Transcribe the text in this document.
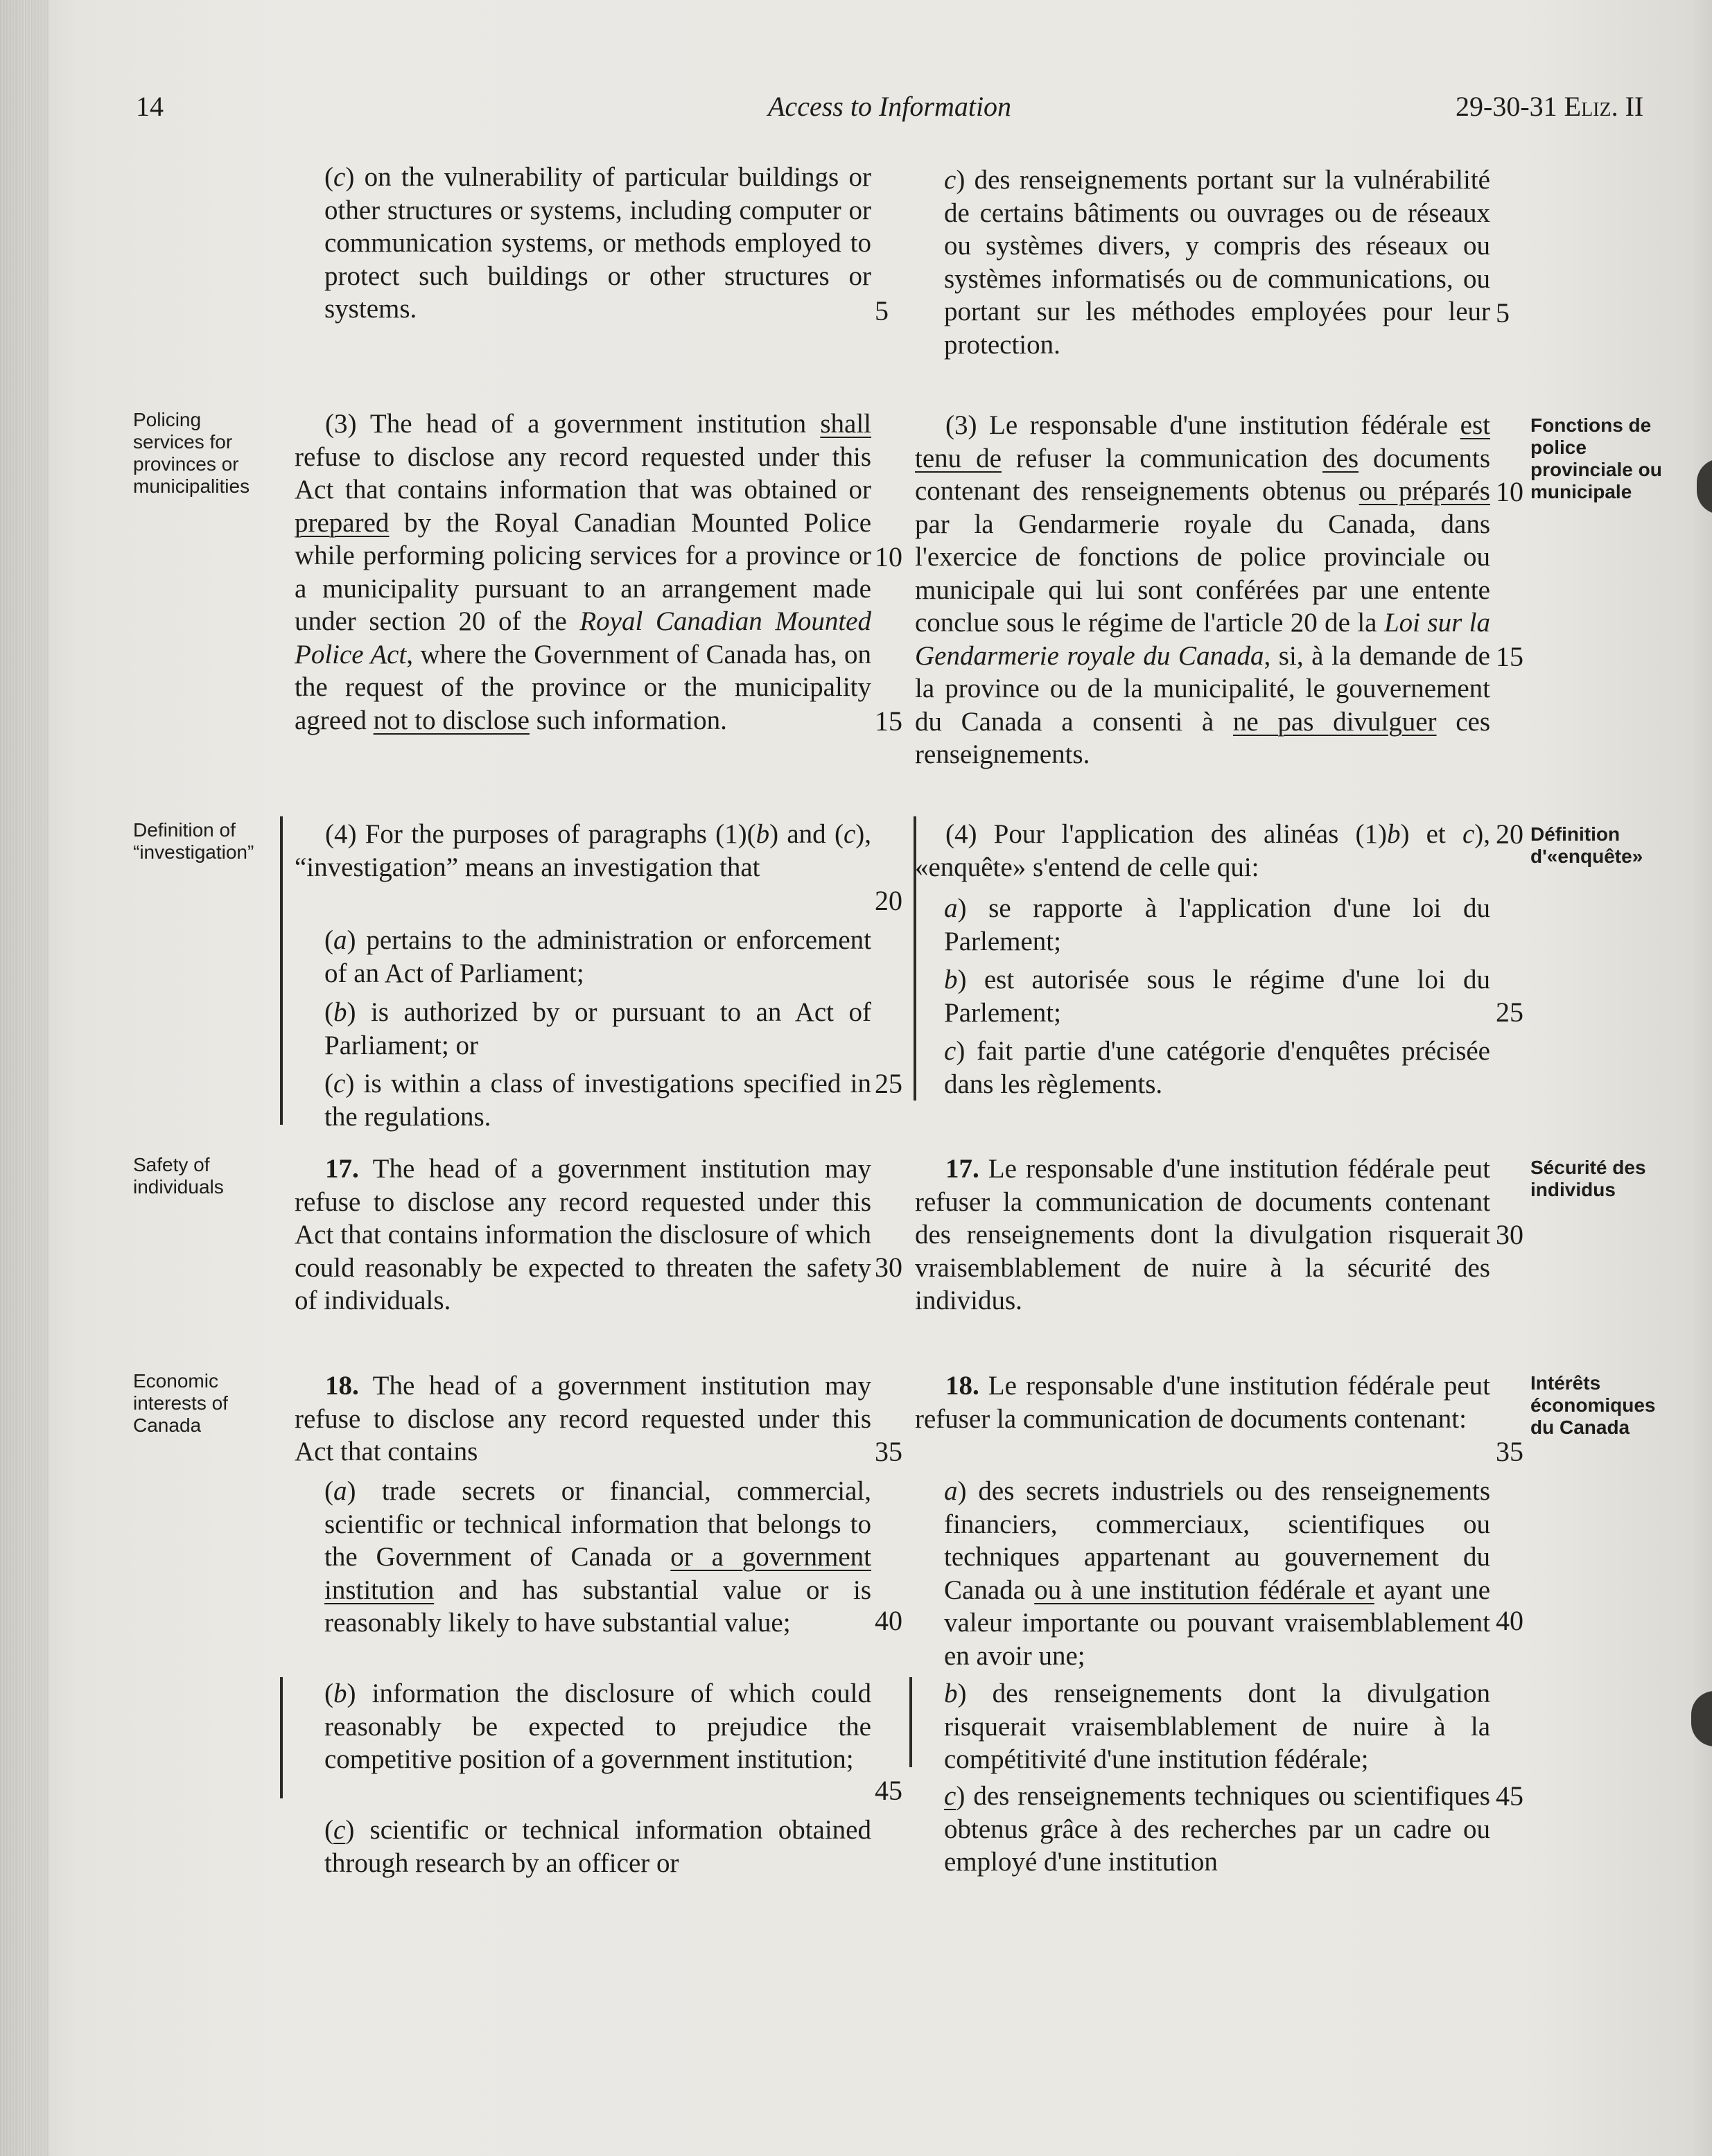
14	Access to Information	29-30-31 Eliz. II

(c) on the vulnerability of particular buildings or other structures or systems, including computer or communication systems, or methods employed to protect such buildings or other structures or systems.	5

c) des renseignements portant sur la vulnérabilité de certains bâtiments ou ouvrages ou de réseaux ou systèmes divers, y compris des réseaux ou systèmes informatisés ou de communications, ou portant sur les méthodes employées pour leur protection.

5
Policing services for provinces or municipalities
Fonctions de police provinciale ou municipale

(3) The head of a government institution shall refuse to disclose any record requested under this Act that contains information that was obtained or prepared by the Royal Canadian Mounted Police while performing policing services for a province or a municipality pursuant to an arrangement made under section 20 of the Royal Canadian Mounted Police Act, where the Government of Canada has, on the request of the province or the municipality agreed not to disclose such information.

10
15

(3) Le responsable d'une institution fédérale est tenu de refuser la communication des documents contenant des renseignements obtenus ou préparés par la Gendarmerie royale du Canada, dans l'exercice de fonctions de police provinciale ou municipale qui lui sont conférées par une entente conclue sous le régime de l'article 20 de la Loi sur la Gendarmerie royale du Canada, si, à la demande de la province ou de la municipalité, le gouvernement du Canada a consenti à ne pas divulguer ces renseignements.

10
15
Definition of “investigation”
Définition d'«enquête»

(4) For the purposes of paragraphs (1)(b) and (c), “investigation” means an investigation that

(a) pertains to the administration or enforcement of an Act of Parliament;

(b) is authorized by or pursuant to an Act of Parliament; or

(c) is within a class of investigations specified in the regulations.

20
25

(4) Pour l'application des alinéas (1)b) et c), «enquête» s'entend de celle qui:

a) se rapporte à l'application d'une loi du Parlement;

b) est autorisée sous le régime d'une loi du Parlement;

c) fait partie d'une catégorie d'enquêtes précisée dans les règlements.

20
25
Safety of individuals
Sécurité des individus

17. The head of a government institution may refuse to disclose any record requested under this Act that contains information the disclosure of which could reasonably be expected to threaten the safety of individuals.

30

17. Le responsable d'une institution fédérale peut refuser la communication de documents contenant des renseignements dont la divulgation risquerait vraisemblablement de nuire à la sécurité des individus.

30
Economic interests of Canada
Intérêts économiques du Canada

18. The head of a government institution may refuse to disclose any record requested under this Act that contains	35

(a) trade secrets or financial, commercial, scientific or technical information that belongs to the Government of Canada or a government institution and has substantial value or is reasonably likely to have substantial value;	40

(b) information the disclosure of which could reasonably be expected to prejudice the competitive position of a government institution;

45

(c) scientific or technical information obtained through research by an officer or

18. Le responsable d'une institution fédérale peut refuser la communication de documents contenant:

35

a) des secrets industriels ou des renseignements financiers, commerciaux, scientifiques ou techniques appartenant au gouvernement du Canada ou à une institution fédérale et ayant une valeur importante ou pouvant vraisemblablement en avoir une;

40

b) des renseignements dont la divulgation risquerait vraisemblablement de nuire à la compétitivité d'une institution fédérale;

45

c) des renseignements techniques ou scientifiques obtenus grâce à des recherches par un cadre ou employé d'une institution
